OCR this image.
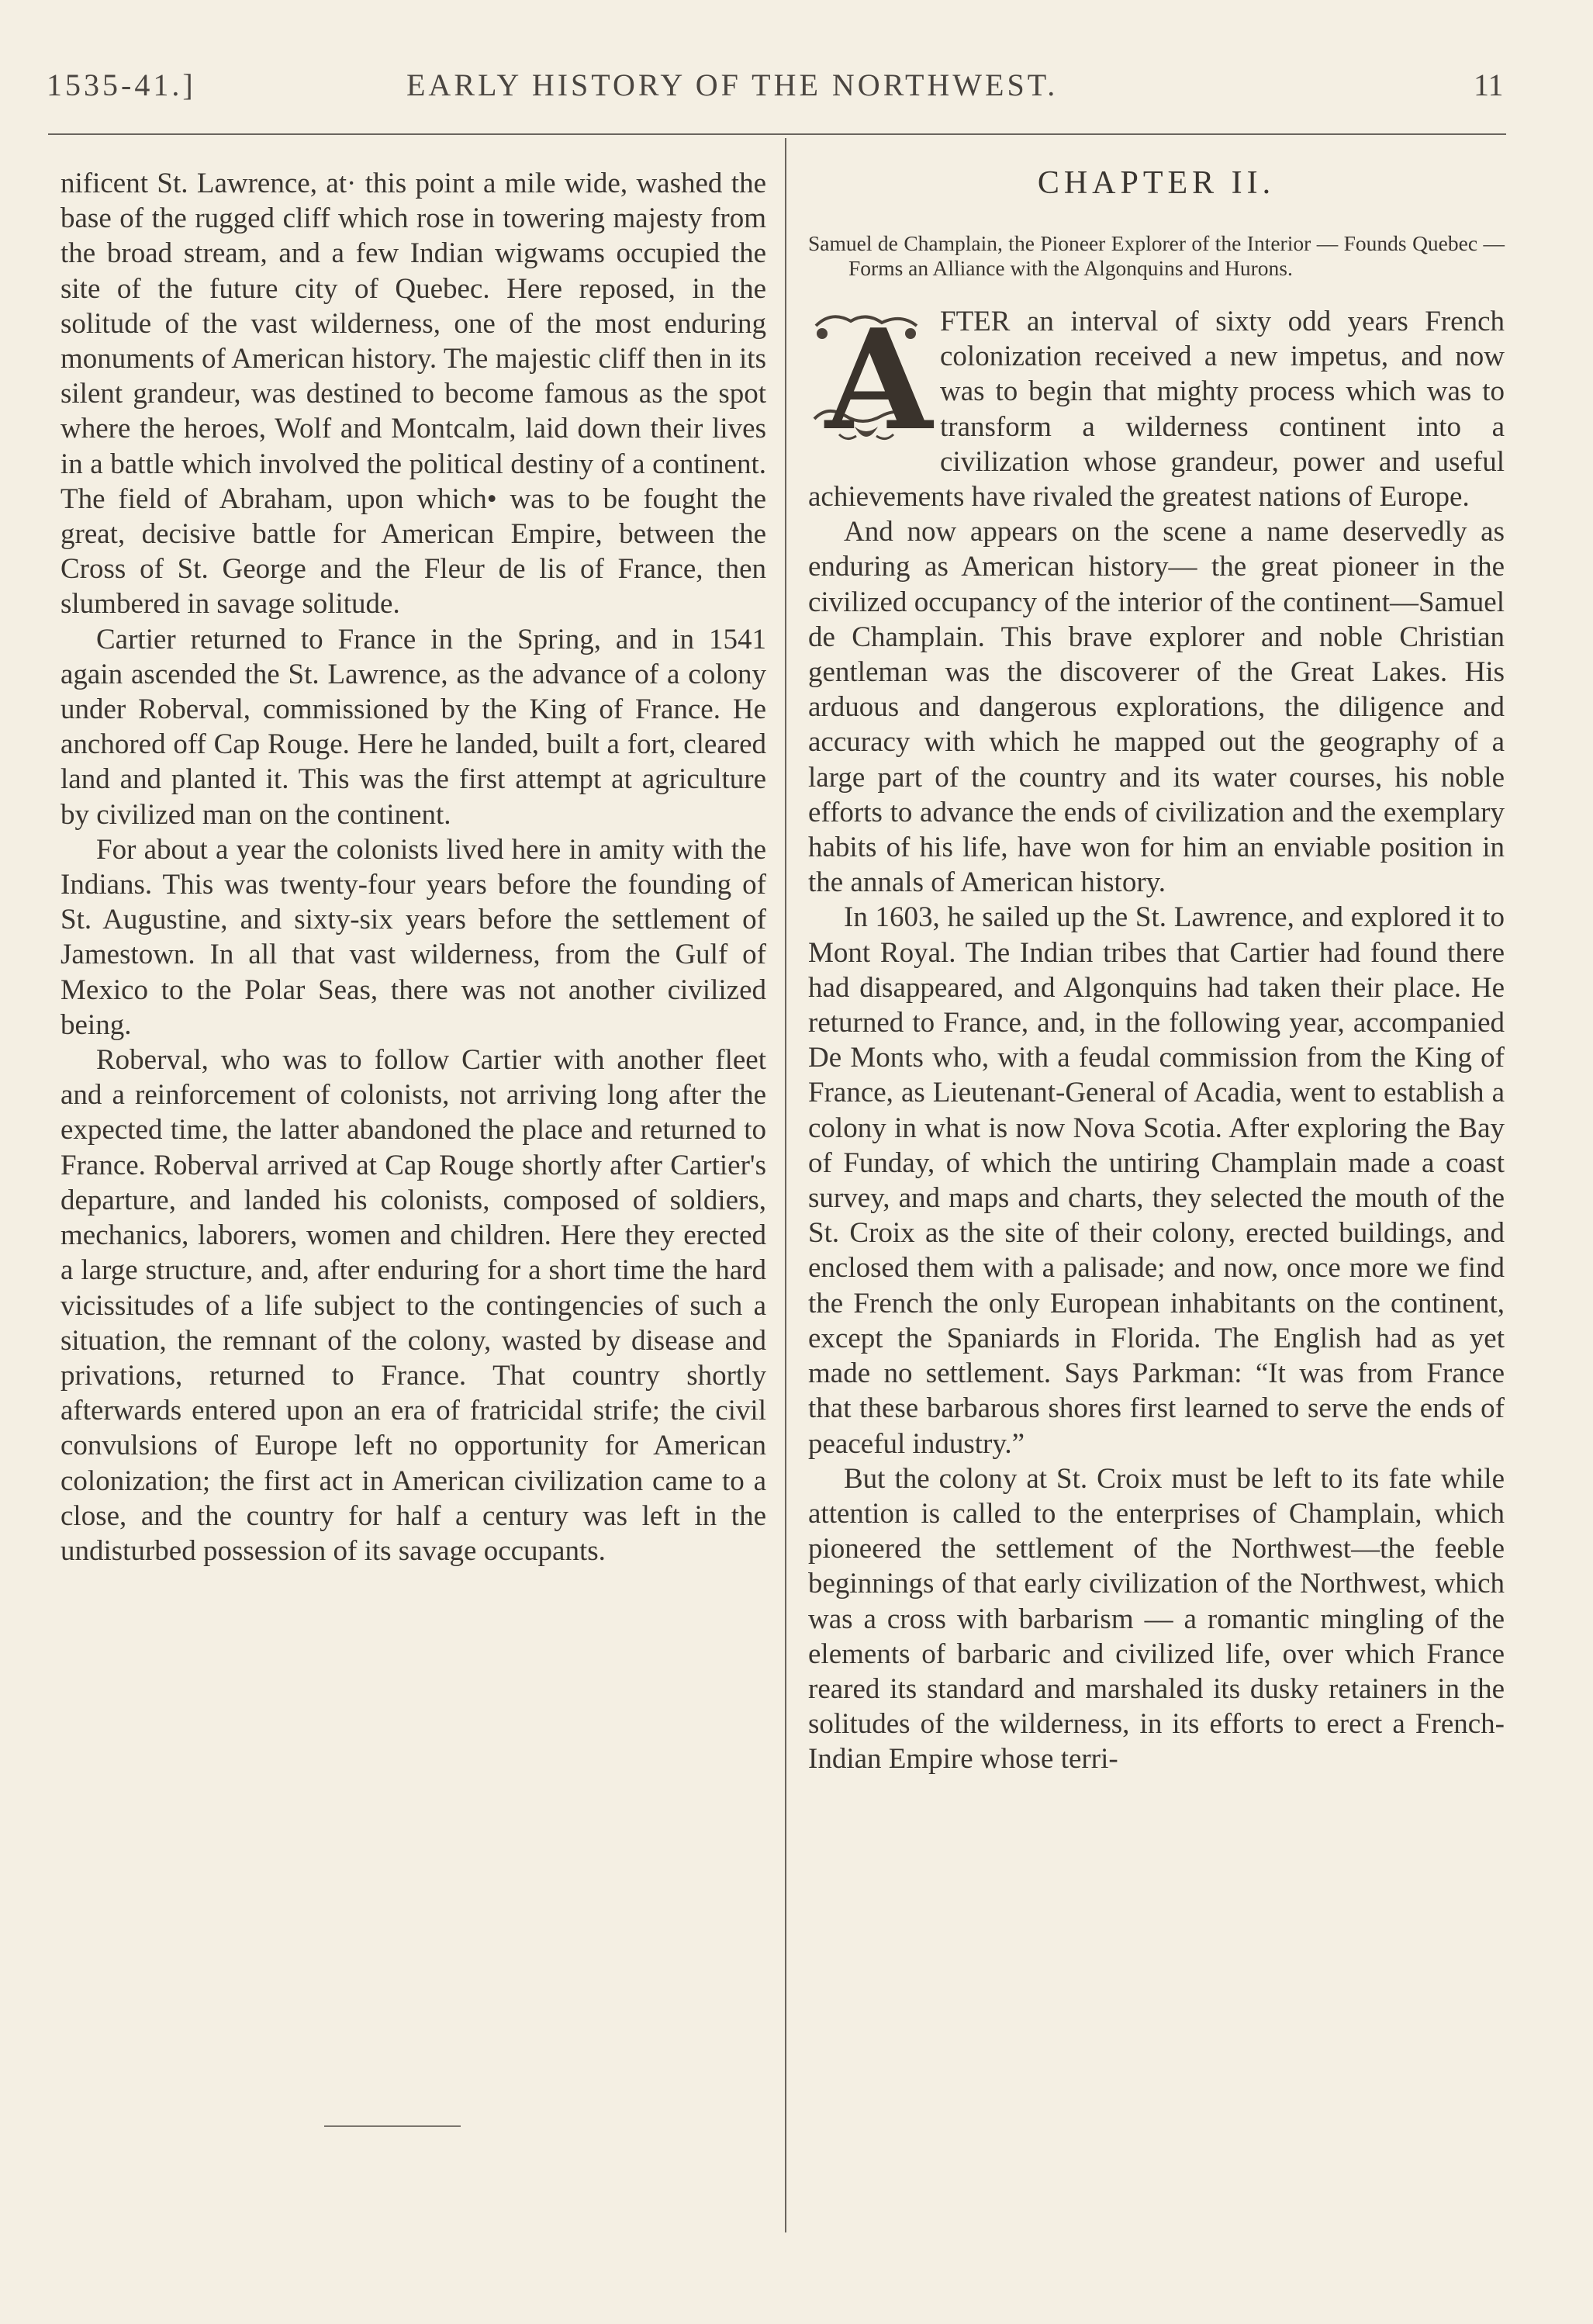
1535-41.]	EARLY HISTORY OF THE NORTHWEST.	11

nificent St. Lawrence, at· this point a mile wide, washed the base of the rugged cliff which rose in towering majesty from the broad stream, and a few Indian wigwams occupied the site of the future city of Quebec. Here reposed, in the solitude of the vast wilderness, one of the most enduring monuments of American history. The majestic cliff then in its silent grandeur, was destined to become famous as the spot where the heroes, Wolf and Montcalm, laid down their lives in a battle which involved the political destiny of a continent. The field of Abraham, upon which• was to be fought the great, decisive battle for American Empire, between the Cross of St. George and the Fleur de lis of France, then slumbered in savage solitude.

Cartier returned to France in the Spring, and in 1541 again ascended the St. Lawrence, as the advance of a colony under Roberval, commissioned by the King of France. He anchored off Cap Rouge. Here he landed, built a fort, cleared land and planted it. This was the first attempt at agriculture by civilized man on the continent.

For about a year the colonists lived here in amity with the Indians. This was twenty-four years before the founding of St. Augustine, and sixty-six years before the settlement of Jamestown. In all that vast wilderness, from the Gulf of Mexico to the Polar Seas, there was not another civilized being.

Roberval, who was to follow Cartier with another fleet and a reinforcement of colonists, not arriving long after the expected time, the latter abandoned the place and returned to France. Roberval arrived at Cap Rouge shortly after Cartier's departure, and landed his colonists, composed of soldiers, mechanics, laborers, women and children. Here they erected a large structure, and, after enduring for a short time the hard vicissitudes of a life subject to the contingencies of such a situation, the remnant of the colony, wasted by disease and privations, returned to France. That country shortly afterwards entered upon an era of fratricidal strife; the civil convulsions of Europe left no opportunity for American colonization; the first act in American civilization came to a close, and the country for half a century was left in the undisturbed possession of its savage occupants.

CHAPTER II.
Samuel de Champlain, the Pioneer Explorer of the Interior — Founds Quebec — Forms an Alliance with the Algonquins and Hurons.

A FTER an interval of sixty odd years French colonization received a new impetus, and now was to begin that mighty process which was to transform a wilderness continent into a civilization whose grandeur, power and useful achievements have rivaled the greatest nations of Europe.

And now appears on the scene a name deservedly as enduring as American history— the great pioneer in the civilized occupancy of the interior of the continent—Samuel de Champlain. This brave explorer and noble Christian gentleman was the discoverer of the Great Lakes. His arduous and dangerous explorations, the diligence and accuracy with which he mapped out the geography of a large part of the country and its water courses, his noble efforts to advance the ends of civilization and the exemplary habits of his life, have won for him an enviable position in the annals of American history.

In 1603, he sailed up the St. Lawrence, and explored it to Mont Royal. The Indian tribes that Cartier had found there had disappeared, and Algonquins had taken their place. He returned to France, and, in the following year, accompanied De Monts who, with a feudal commission from the King of France, as Lieutenant-General of Acadia, went to establish a colony in what is now Nova Scotia. After exploring the Bay of Funday, of which the untiring Champlain made a coast survey, and maps and charts, they selected the mouth of the St. Croix as the site of their colony, erected buildings, and enclosed them with a palisade; and now, once more we find the French the only European inhabitants on the continent, except the Spaniards in Florida. The English had as yet made no settlement. Says Parkman: “It was from France that these barbarous shores first learned to serve the ends of peaceful industry.”

But the colony at St. Croix must be left to its fate while attention is called to the enterprises of Champlain, which pioneered the settlement of the Northwest—the feeble beginnings of that early civilization of the Northwest, which was a cross with barbarism — a romantic mingling of the elements of barbaric and civilized life, over which France reared its standard and marshaled its dusky retainers in the solitudes of the wilderness, in its efforts to erect a French-Indian Empire whose terri-
